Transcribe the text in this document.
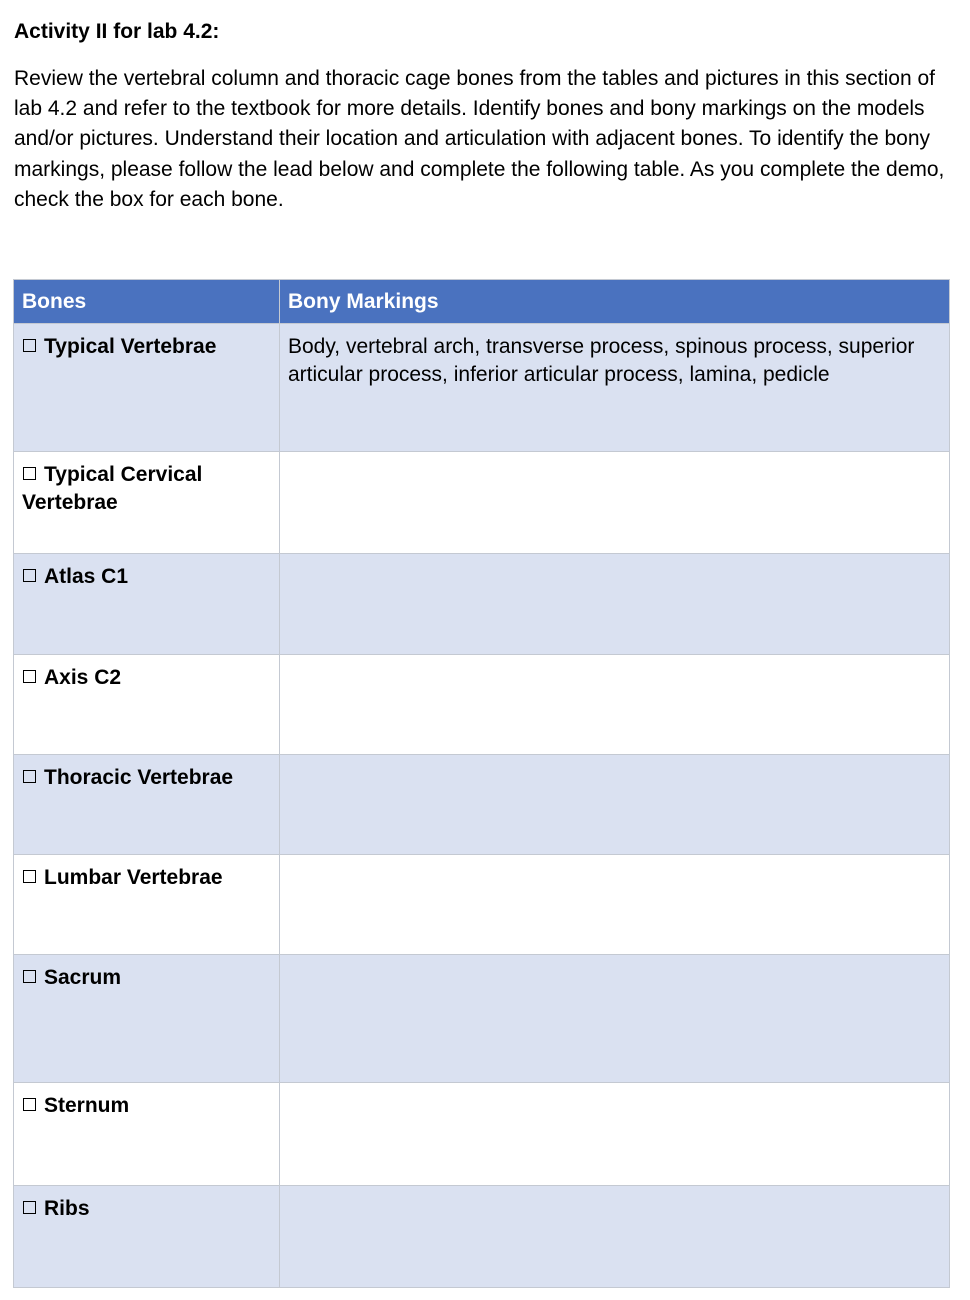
Activity II for lab 4.2:

Review the vertebral column and thoracic cage bones from the tables and pictures in this section of lab 4.2 and refer to the textbook for more details. Identify bones and bony markings on the models and/or pictures. Understand their location and articulation with adjacent bones. To identify the bony markings, please follow the lead below and complete the following table. As you complete the demo, check the box for each bone.

Bones	Bony Markings
Typical Vertebrae	Body, vertebral arch, transverse process, spinous process, superior articular process, inferior articular process, lamina, pedicle
Typical Cervical Vertebrae	
Atlas C1	
Axis C2	
Thoracic Vertebrae	
Lumbar Vertebrae	
Sacrum	
Sternum	
Ribs	
